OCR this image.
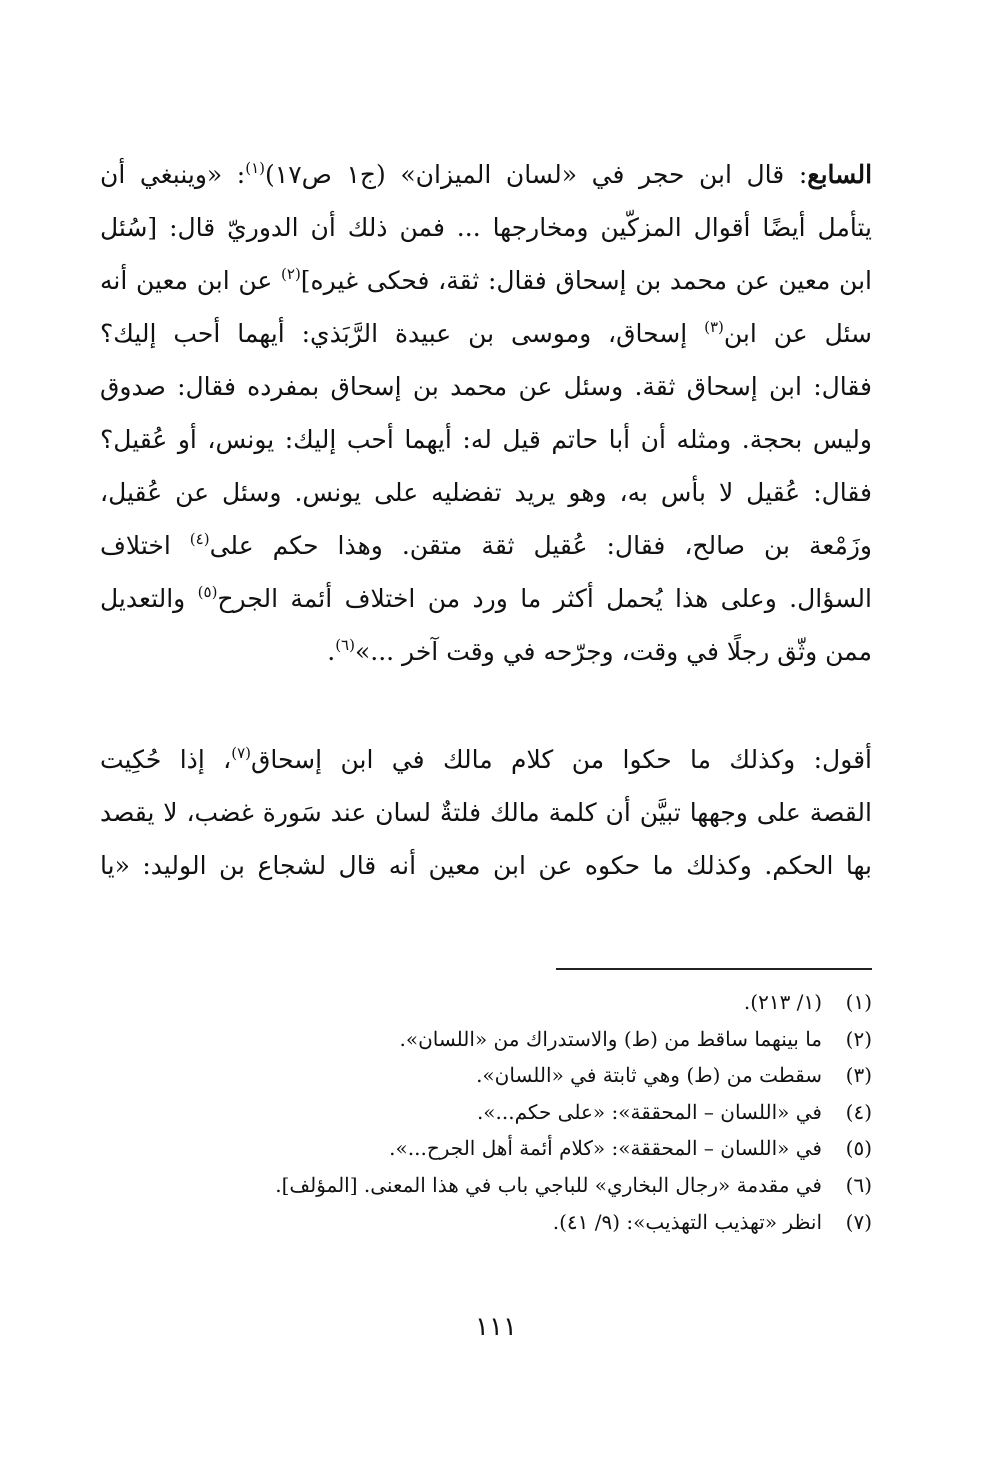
السابع: قال ابن حجر في «لسان الميزان» (ج١ ص١٧)$^{(١)}$: «وينبغي أن
يتأمل أيضًا أقوال المزكّين ومخارجها ... فمن ذلك أن الدوريّ قال: [سُئل
ابن معين عن محمد بن إسحاق فقال: ثقة، فحكى غيره]$^{(٢)}$ عن ابن معين أنه
سئل عن ابن$^{(٣)}$ إسحاق، وموسى بن عبيدة الرَّبَذي: أيهما أحب إليك؟
فقال: ابن إسحاق ثقة. وسئل عن محمد بن إسحاق بمفرده فقال: صدوق
وليس بحجة. ومثله أن أبا حاتم قيل له: أيهما أحب إليك: يونس، أو عُقيل؟
فقال: عُقيل لا بأس به، وهو يريد تفضليه على يونس. وسئل عن عُقيل،
وزَمْعة بن صالح، فقال: عُقيل ثقة متقن. وهذا حكم على$^{(٤)}$ اختلاف
السؤال. وعلى هذا يُحمل أكثر ما ورد من اختلاف أئمة الجرح$^{(٥)}$ والتعديل
ممن وثّق رجلًا في وقت، وجرّحه في وقت آخر ...»$^{(٦)}$.
أقول: وكذلك ما حكوا من كلام مالك في ابن إسحاق$^{(٧)}$، إذا حُكِيت
القصة على وجهها تبيَّن أن كلمة مالك فلتةٌ لسان عند سَورة غضب، لا يقصد
بها الحكم. وكذلك ما حكوه عن ابن معين أنه قال لشجاع بن الوليد: «يا
(١)(١/ ٢١٣).
(٢)ما بينهما ساقط من (ط) والاستدراك من «اللسان».
(٣)سقطت من (ط) وهي ثابتة في «اللسان».
(٤)في «اللسان – المحققة»: «على حكم...».
(٥)في «اللسان – المحققة»: «كلام أئمة أهل الجرح...».
(٦)في مقدمة «رجال البخاري» للباجي باب في هذا المعنى. [المؤلف].
(٧)انظر «تهذيب التهذيب»: (٩/ ٤١).
١١١
